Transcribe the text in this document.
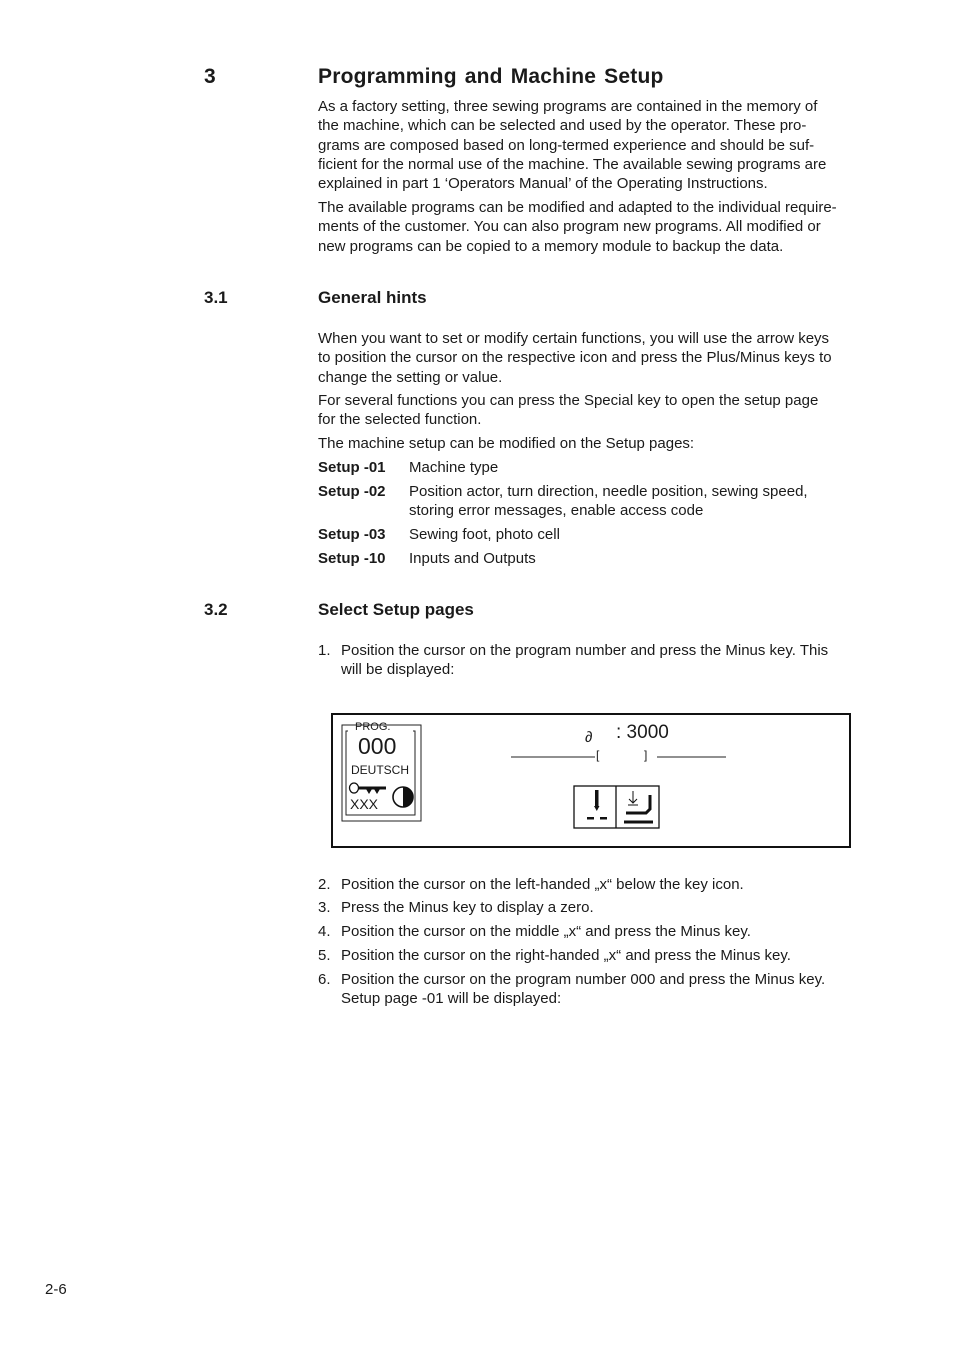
3	Programming and Machine Setup
As a factory setting, three sewing programs are contained in the memory of
the machine, which can be selected and used by the operator. These pro-
grams are composed based on long-termed experience and should be suf-
ficient for the normal use of the machine. The available sewing programs are
explained in part 1 ‘Operators Manual’ of the Operating Instructions.
The available programs can be modified and adapted to the individual require-
ments of the customer. You can also program new programs. All modified or
new programs can be copied to a memory module to backup the data.
3.1	General hints
When you want to set or modify certain functions, you will use the arrow keys
to position the cursor on the respective icon and press the Plus/Minus keys to
change the setting or value.
For several functions you can press the Special key to open the setup page
for the selected function.
The machine setup can be modified on the Setup pages:
Setup -01 Machine type
Setup -02 Position actor, turn direction, needle position, sewing speed,
storing error messages, enable access code
Setup -03 Sewing foot, photo cell
Setup -10 Inputs and Outputs
3.2	Select Setup pages
1. Position the cursor on the program number and press the Minus key. This
will be displayed:
PROG.
000
DEUTSCH
XXX
∂ : 3000
[	]
2. Position the cursor on the left-handed „x“ below the key icon.
3. Press the Minus key to display a zero.
4. Position the cursor on the middle „x“ and press the Minus key.
5. Position the cursor on the right-handed „x“ and press the Minus key.
6. Position the cursor on the program number 000 and press the Minus key.
Setup page -01 will be displayed:
2-6
